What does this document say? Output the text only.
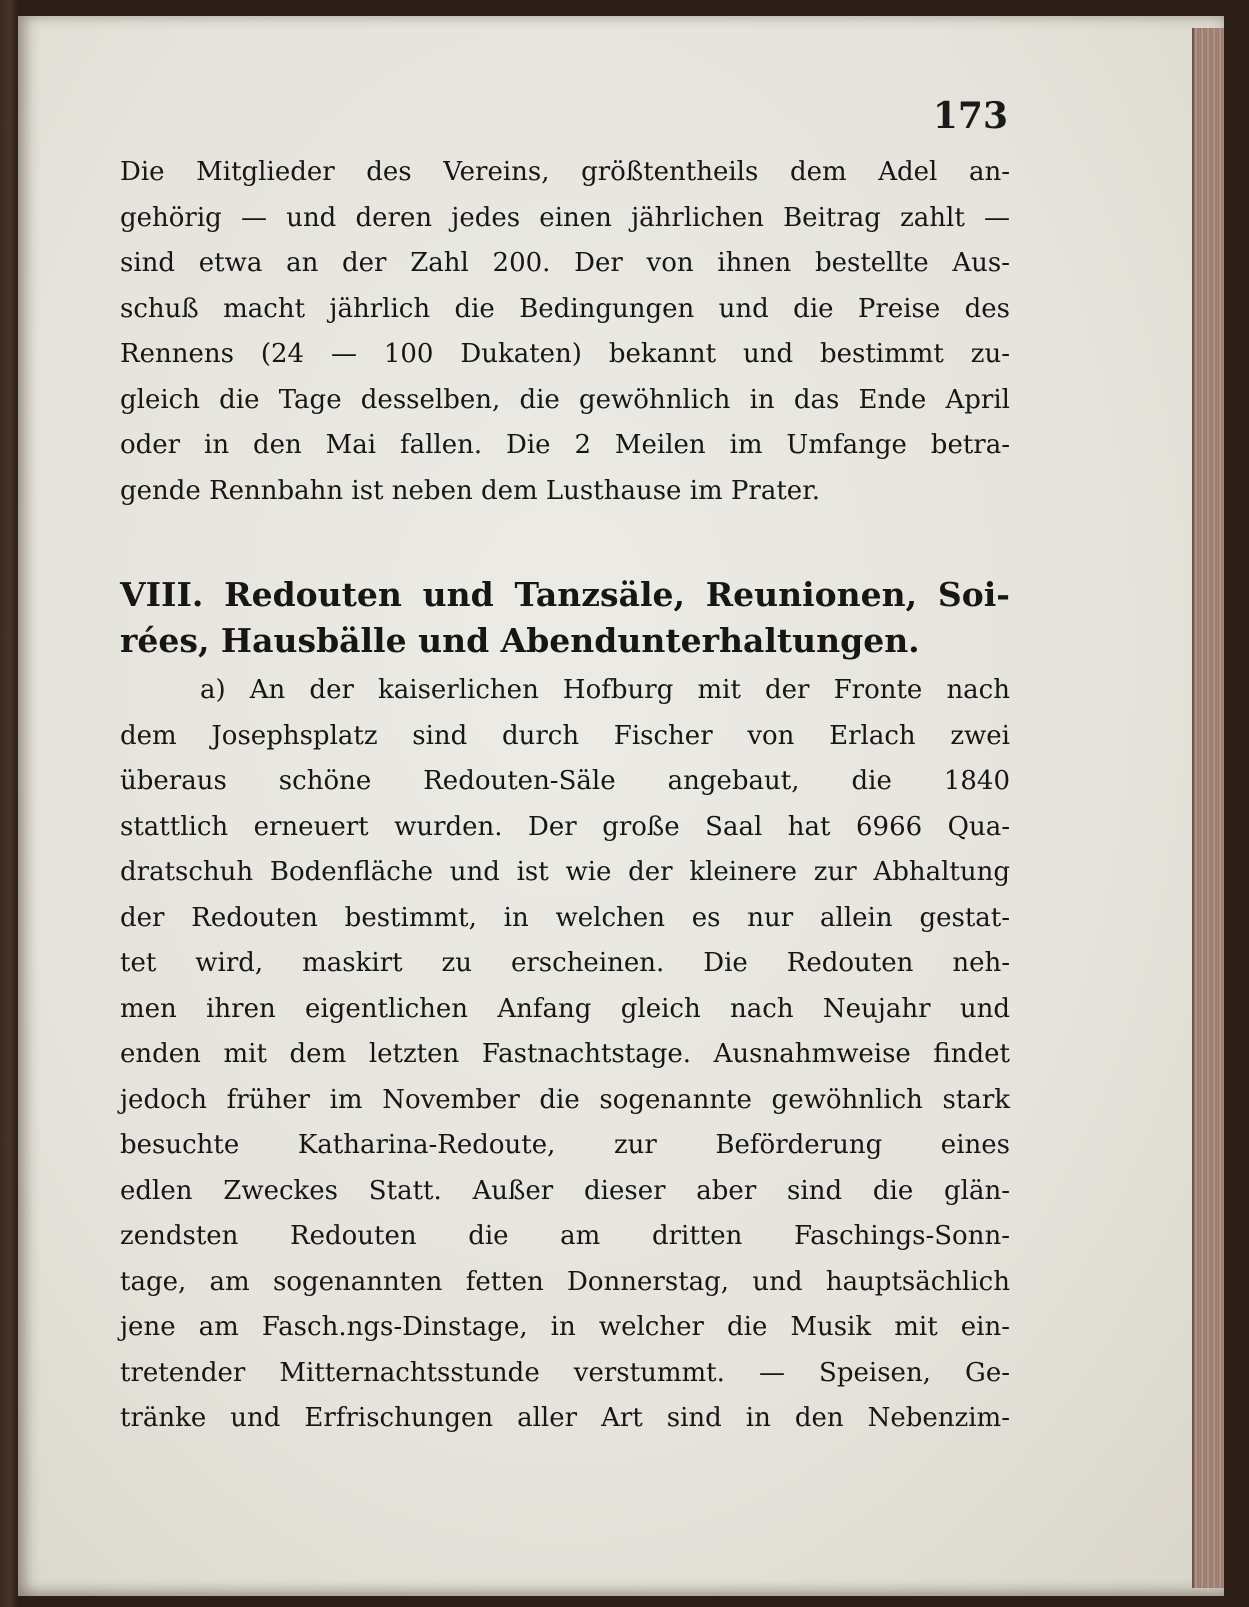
173
Die Mitglieder des Vereins, größtentheils dem Adel an-
gehörig — und deren jedes einen jährlichen Beitrag zahlt —
sind etwa an der Zahl 200. Der von ihnen bestellte Aus-
schuß macht jährlich die Bedingungen und die Preise des
Rennens (24 — 100 Dukaten) bekannt und bestimmt zu-
gleich die Tage desselben, die gewöhnlich in das Ende April
oder in den Mai fallen. Die 2 Meilen im Umfange betra-
gende Rennbahn ist neben dem Lusthause im Prater.
VIII. Redouten und Tanzsäle, Reunionen, Soi-
rées, Hausbälle und Abendunterhaltungen.
a) An der kaiserlichen Hofburg mit der Fronte nach
dem Josephsplatz sind durch Fischer von Erlach zwei
überaus schöne Redouten-Säle angebaut, die 1840
stattlich erneuert wurden. Der große Saal hat 6966 Qua-
dratschuh Bodenfläche und ist wie der kleinere zur Abhaltung
der Redouten bestimmt, in welchen es nur allein gestat-
tet wird, maskirt zu erscheinen. Die Redouten neh-
men ihren eigentlichen Anfang gleich nach Neujahr und
enden mit dem letzten Fastnachtstage. Ausnahmweise findet
jedoch früher im November die sogenannte gewöhnlich stark
besuchte Katharina-Redoute, zur Beförderung eines
edlen Zweckes Statt. Außer dieser aber sind die glän-
zendsten Redouten die am dritten Faschings-Sonn-
tage, am sogenannten fetten Donnerstag, und hauptsächlich
jene am Fasch.ngs-Dinstage, in welcher die Musik mit ein-
tretender Mitternachtsstunde verstummt. — Speisen, Ge-
tränke und Erfrischungen aller Art sind in den Nebenzim-
